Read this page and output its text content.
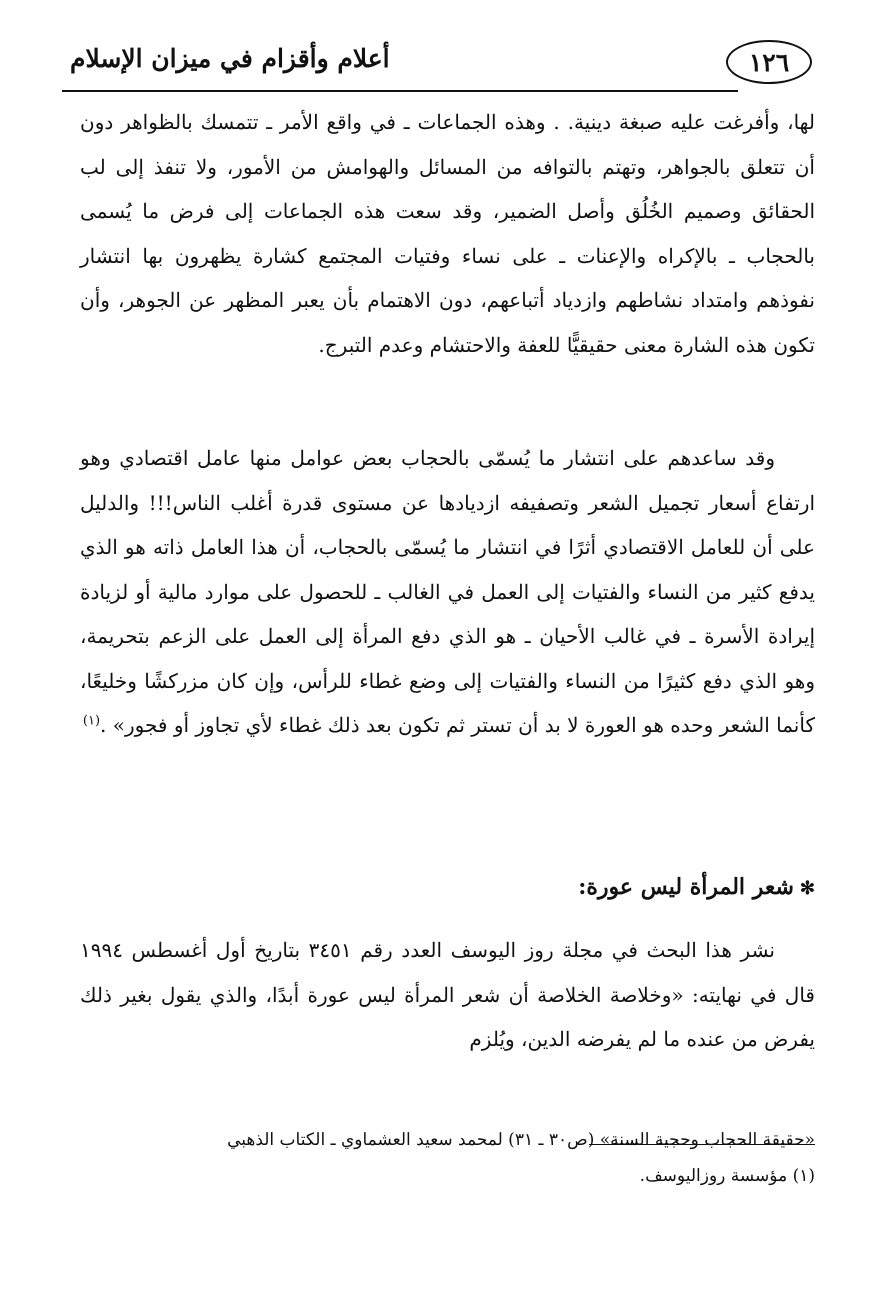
١٢٦
أعلام وأقزام في ميزان الإسلام

لها، وأفرغت عليه صبغة دينية. . وهذه الجماعات ـ في واقع الأمر ـ تتمسك بالظواهر دون أن تتعلق بالجواهر، وتهتم بالتوافه من المسائل والهوامش من الأمور، ولا تنفذ إلى لب الحقائق وصميم الخُلُق وأصل الضمير، وقد سعت هذه الجماعات إلى فرض ما يُسمى بالحجاب ـ بالإكراه والإعنات ـ على نساء وفتيات المجتمع كشارة يظهرون بها انتشار نفوذهم وامتداد نشاطهم وازدياد أتباعهم، دون الاهتمام بأن يعبر المظهر عن الجوهر، وأن تكون هذه الشارة معنى حقيقيًّا للعفة والاحتشام وعدم التبرج.

وقد ساعدهم على انتشار ما يُسمّى بالحجاب بعض عوامل منها عامل اقتصادي وهو ارتفاع أسعار تجميل الشعر وتصفيفه ازديادها عن مستوى قدرة أغلب الناس!!! والدليل على أن للعامل الاقتصادي أثرًا في انتشار ما يُسمّى بالحجاب، أن هذا العامل ذاته هو الذي يدفع كثير من النساء والفتيات إلى العمل في الغالب ـ للحصول على موارد مالية أو لزيادة إيرادة الأسرة ـ في غالب الأحيان ـ هو الذي دفع المرأة إلى العمل على الزعم بتحريمة، وهو الذي دفع كثيرًا من النساء والفتيات إلى وضع غطاء للرأس، وإن كان مزركشًا وخليعًا، كأنما الشعر وحده هو العورة لا بد أن تستر ثم تكون بعد ذلك غطاء لأي تجاوز أو فجور» .$^{(١)}$

✻شعر المرأة ليس عورة:

نشر هذا البحث في مجلة روز اليوسف العدد رقم ٣٤٥١ بتاريخ أول أغسطس ١٩٩٤ قال في نهايته: «وخلاصة الخلاصة أن شعر المرأة ليس عورة أبدًا، والذي يقول بغير ذلك يفرض من عنده ما لم يفرضه الدين، ويُلزم

«حقيقة الحجاب وحجية السنة» (ص٣٠ ـ ٣١) لمحمد سعيد العشماوي ـ الكتاب الذهبي

(١) مؤسسة روزاليوسف.
